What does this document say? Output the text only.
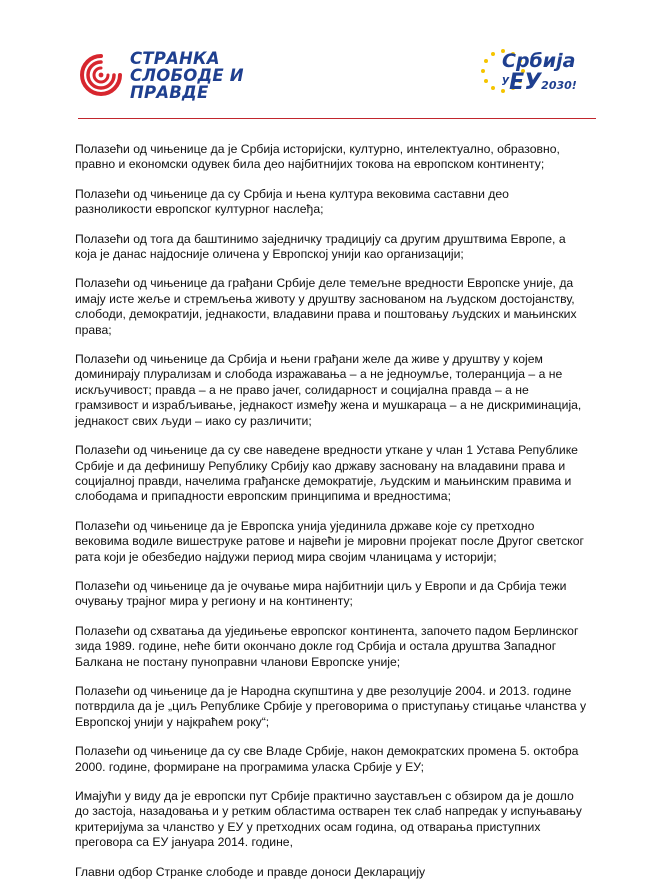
СТРАНКА
СЛОБОДЕ И
ПРАВДЕ
Србија
$^у$ЕУ2030!

Полазећи од чињенице да је Србија историјски, културно, интелектуално, образовно, правно и економски одувек била део најбитнијих токова на европском континенту;

Полазећи од чињенице да су Србија и њена култура вековима саставни део разноликости европског културног наслеђа;

Полазећи од тога да баштинимо заједничку традицију са другим друштвима Европе, а која је данас најдосније оличена у Европској унији као организацији;

Полазећи од чињенице да грађани Србије деле темељне вредности Европске уније, да имају исте жеље и стремљења животу у друштву заснованом на људском достојанству, слободи, демократији, једнакости, владавини права и поштовању људских и мањинских права;

Полазећи од чињенице да Србија и њени грађани желе да живе у друштву у којем доминирају плурализам и слобода изражавања – а не једноумље, толеранција – а не искључивост; правда – а не право јачег, солидарност и социјална правда – а не грамзивост и израбљивање, једнакост између жена и мушкараца – а не дискриминација, једнакост свих људи – иако су различити;

Полазећи од чињенице да су све наведене вредности уткане у члан 1 Устава Републике Србије и да дефинишу Републику Србију као државу засновану на владавини права и социјалној правди, начелима грађанске демократије, људским и мањинским правима и слободама и припадности европским принципима и вредностима;

Полазећи од чињенице да је Европска унија ујединила државе које су претходно вековима водиле вишеструке ратове и највећи је мировни пројекат после Другог светског рата који је обезбедио најдужи период мира својим чланицама у историји;

Полазећи од чињенице да је очување мира најбитнији циљ у Европи и да Србија тежи очувању трајног мира у региону и на континенту;

Полазећи од схватања да уједињење европског континента, започето падом Берлинског зида 1989. године, неће бити окончано доклe год Србија и остала друштва Западног Балкана не постану пуноправни чланови Европске уније;

Полазећи од чињенице да је Народна скупштина у две резолуције 2004. и 2013. године потврдила да је „циљ Републике Србије у преговорима о приступању стицање чланства у Европској унији у најкраћем року“;

Полазећи од чињенице да су све Владе Србије, након демократских промена 5. октобра 2000. године, формиране на програмима уласка Србије у ЕУ;

Имајући у виду да је европски пут Србије практично заустављен с обзиром да је дошло до застоја, назадовања и у ретким областима остварен тек слаб напредак у испуњавању критеријума за чланство у ЕУ у претходних осам година, од отварања приступних преговора са ЕУ јануара 2014. године,

Главни одбор Странке слободе и правде доноси Декларацију
